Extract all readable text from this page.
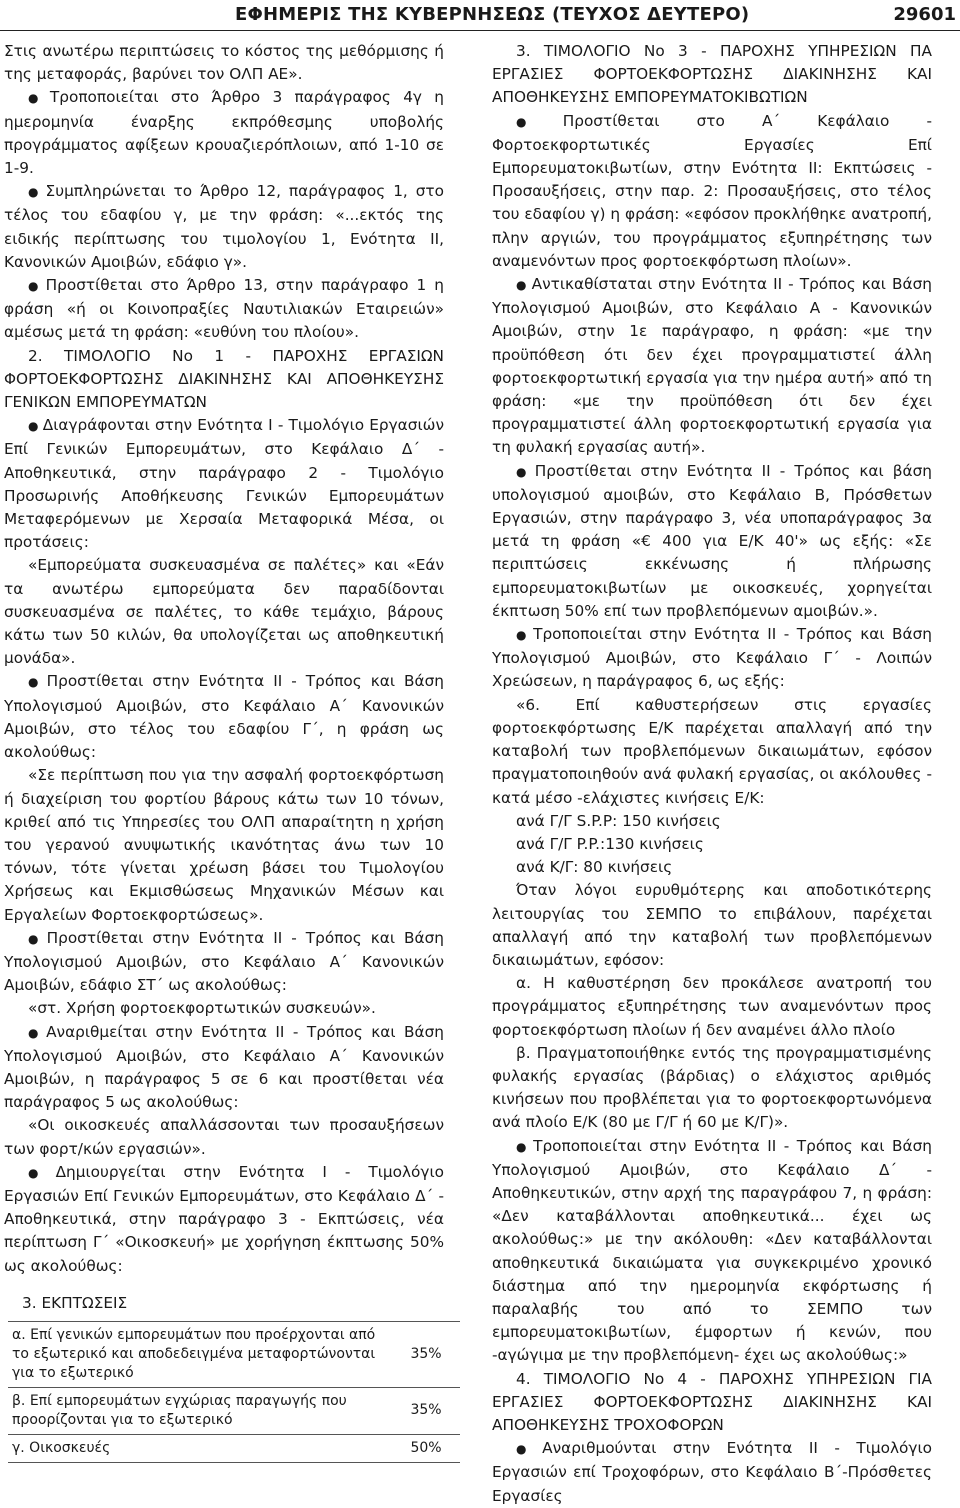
ΕΦΗΜΕΡΙΣ ΤΗΣ ΚΥΒΕΡΝΗΣΕΩΣ (ΤΕΥΧΟΣ ΔΕΥΤΕΡΟ)	29601

Στις ανωτέρω περιπτώσεις το κόστος της μεθόρμισης ή της μεταφοράς, βαρύνει τον ΟΛΠ ΑΕ».

● Τροποποιείται στο Άρθρο 3 παράγραφος 4γ η ημερομηνία έναρξης εκπρόθεσμης υποβολής προγράμματος αφίξεων κρουαζιερόπλοιων, από 1-10 σε 1-9.

● Συμπληρώνεται το Άρθρο 12, παράγραφος 1, στο τέλος του εδαφίου γ, με την φράση: «...εκτός της ειδικής περίπτωσης του τιμολογίου 1, Ενότητα ΙΙ, Κανονικών Αμοιβών, εδάφιο γ».

● Προστίθεται στο Άρθρο 13, στην παράγραφο 1 η φράση «ή οι Κοινοπραξίες Ναυτιλιακών Εταιρειών» αμέσως μετά τη φράση: «ευθύνη του πλοίου».

2. ΤΙΜΟΛΟΓΙΟ Νο 1 - ΠΑΡΟΧΗΣ ΕΡΓΑΣΙΩΝ ΦΟΡΤΟΕΚΦΟΡΤΩΣΗΣ ΔΙΑΚΙΝΗΣΗΣ ΚΑΙ ΑΠΟΘΗΚΕΥΣΗΣ ΓΕΝΙΚΩΝ ΕΜΠΟΡΕΥΜΑΤΩΝ

● Διαγράφονται στην Ενότητα Ι - Τιμολόγιο Εργασιών Επί Γενικών Εμπορευμάτων, στο Κεφάλαιο Δ΄ - Αποθηκευτικά, στην παράγραφο 2 - Τιμολόγιο Προσωρινής Αποθήκευσης Γενικών Εμπορευμάτων Μεταφερόμενων με Χερσαία Μεταφορικά Μέσα, οι προτάσεις:

«Εμπορεύματα συσκευασμένα σε παλέτες» και «Εάν τα ανωτέρω εμπορεύματα δεν παραδίδονται συσκευασμένα σε παλέτες, το κάθε τεμάχιο, βάρους κάτω των 50 κιλών, θα υπολογίζεται ως αποθηκευτική μονάδα».

● Προστίθεται στην Ενότητα ΙΙ - Τρόπος και Βάση Υπολογισμού Αμοιβών, στο Κεφάλαιο Α΄ Κανονικών Αμοιβών, στο τέλος του εδαφίου Γ΄, η φράση ως ακολούθως:

«Σε περίπτωση που για την ασφαλή φορτοεκφόρτωση ή διαχείριση του φορτίου βάρους κάτω των 10 τόνων, κριθεί από τις Υπηρεσίες του ΟΛΠ απαραίτητη η χρήση του γερανού ανυψωτικής ικανότητας άνω των 10 τόνων, τότε γίνεται χρέωση βάσει του Τιμολογίου Χρήσεως και Εκμισθώσεως Μηχανικών Μέσων και Εργαλείων Φορτοεκφορτώσεως».

● Προστίθεται στην Ενότητα ΙΙ - Τρόπος και Βάση Υπολογισμού Αμοιβών, στο Κεφάλαιο Α΄ Κανονικών Αμοιβών, εδάφιο ΣΤ΄ ως ακολούθως:

«στ. Χρήση φορτοεκφορτωτικών συσκευών».

● Αναριθμείται στην Ενότητα ΙΙ - Τρόπος και Βάση Υπολογισμού Αμοιβών, στο Κεφάλαιο Α΄ Κανονικών Αμοιβών, η παράγραφος 5 σε 6 και προστίθεται νέα παράγραφος 5 ως ακολούθως:

«Οι οικοσκευές απαλλάσσονται των προσαυξήσεων των φορτ/κών εργασιών».

● Δημιουργείται στην Ενότητα Ι - Τιμολόγιο Εργασιών Επί Γενικών Εμπορευμάτων, στο Κεφάλαιο Δ΄ - Αποθηκευτικά, στην παράγραφο 3 - Εκπτώσεις, νέα περίπτωση Γ΄ «Οικοσκευή» με χορήγηση έκπτωσης 50% ως ακολούθως:

3. ΕΚΠΤΩΣΕΙΣ

α. Επί γενικών εμπορευμάτων που προέρχονται από το εξωτερικό και αποδεδειγμένα μεταφορτώνονται για το εξωτερικό	35%
β. Επί εμπορευμάτων εγχώριας παραγωγής που προορίζονται για το εξωτερικό	35%
γ. Οικοσκευές	50%

3. ΤΙΜΟΛΟΓΙΟ Νο 3 - ΠΑΡΟΧΗΣ ΥΠΗΡΕΣΙΩΝ ΠΑ ΕΡΓΑΣΙΕΣ ΦΟΡΤΟΕΚΦΟΡΤΩΣΗΣ ΔΙΑΚΙΝΗΣΗΣ ΚΑΙ ΑΠΟΘΗΚΕΥΣΗΣ ΕΜΠΟΡΕΥΜΑΤΟΚΙΒΩΤΙΩΝ

● Προστίθεται στο Α΄ Κεφάλαιο - Φορτοεκφορτωτικές Εργασίες Επί Εμπορευματοκιβωτίων, στην Ενότητα ΙΙ: Εκπτώσεις - Προσαυξήσεις, στην παρ. 2: Προσαυξήσεις, στο τέλος του εδαφίου γ) η φράση: «εφόσον προκλήθηκε ανατροπή, πλην αργιών, του προγράμματος εξυπηρέτησης των αναμενόντων προς φορτοεκφόρτωση πλοίων».

● Αντικαθίσταται στην Ενότητα ΙΙ - Τρόπος και Βάση Υπολογισμού Αμοιβών, στο Κεφάλαιο Α - Κανονικών Αμοιβών, στην 1ε παράγραφο, η φράση: «με την προϋπόθεση ότι δεν έχει προγραμματιστεί άλλη φορτοεκφορτωτική εργασία για την ημέρα αυτή» από τη φράση: «με την προϋπόθεση ότι δεν έχει προγραμματιστεί άλλη φορτοεκφορτωτική εργασία για τη φυλακή εργασίας αυτή».

● Προστίθεται στην Ενότητα ΙΙ - Τρόπος και βάση υπολογισμού αμοιβών, στο Κεφάλαιο Β, Πρόσθετων Εργασιών, στην παράγραφο 3, νέα υποπαράγραφος 3α μετά τη φράση «€ 400 για Ε/Κ 40'» ως εξής: «Σε περιπτώσεις εκκένωσης ή πλήρωσης εμπορευματοκιβωτίων με οικοσκευές, χορηγείται έκπτωση 50% επί των προβλεπόμενων αμοιβών.».

● Τροποποιείται στην Ενότητα ΙΙ - Τρόπος και Βάση Υπολογισμού Αμοιβών, στο Κεφάλαιο Γ΄ - Λοιπών Χρεώσεων, η παράγραφος 6, ως εξής:

«6. Επί καθυστερήσεων στις εργασίες φορτοεκφόρτωσης Ε/Κ παρέχεται απαλλαγή από την καταβολή των προβλεπόμενων δικαιωμάτων, εφόσον πραγματοποιηθούν ανά φυλακή εργασίας, οι ακόλουθες - κατά μέσο -ελάχιστες κινήσεις Ε/Κ:

ανά Γ/Γ S.P.P: 150 κινήσεις

ανά Γ/Γ P.P.:130 κινήσεις

ανά Κ/Γ: 80 κινήσεις

Όταν λόγοι ευρυθμότερης και αποδοτικότερης λειτουργίας του ΣΕΜΠΟ το επιβάλουν, παρέχεται απαλλαγή από την καταβολή των προβλεπόμενων δικαιωμάτων, εφόσον:

α. Η καθυστέρηση δεν προκάλεσε ανατροπή του προγράμματος εξυπηρέτησης των αναμενόντων προς φορτοεκφόρτωση πλοίων ή δεν αναμένει άλλο πλοίο

β. Πραγματοποιήθηκε εντός της προγραμματισμένης φυλακής εργασίας (βάρδιας) ο ελάχιστος αριθμός κινήσεων που προβλέπεται για το φορτοεκφορτωνόμενα ανά πλοίο Ε/Κ (80 με Γ/Γ ή 60 με Κ/Γ)».

● Τροποποιείται στην Ενότητα ΙΙ - Τρόπος και Βάση Υπολογισμού Αμοιβών, στο Κεφάλαιο Δ΄ - Αποθηκευτικών, στην αρχή της παραγράφου 7, η φράση: «Δεν καταβάλλονται αποθηκευτικά... έχει ως ακολούθως:» με την ακόλουθη: «Δεν καταβάλλονται αποθηκευτικά δικαιώματα για συγκεκριμένο χρονικό διάστημα από την ημερομηνία εκφόρτωσης ή παραλαβής του από το ΣΕΜΠΟ των εμπορευματοκιβωτίων, έμφορτων ή κενών, που -αγώγιμα με την προβλεπόμενη- έχει ως ακολούθως:»

4. ΤΙΜΟΛΟΓΙΟ Νο 4 - ΠΑΡΟΧΗΣ ΥΠΗΡΕΣΙΩΝ ΓΙΑ ΕΡΓΑΣΙΕΣ ΦΟΡΤΟΕΚΦΟΡΤΩΣΗΣ ΔΙΑΚΙΝΗΣΗΣ ΚΑΙ ΑΠΟΘΗΚΕΥΣΗΣ ΤΡΟΧΟΦΟΡΩΝ

● Αναριθμούνται στην Ενότητα ΙΙ - Τιμολόγιο Εργασιών επί Τροχοφόρων, στο Κεφάλαιο Β΄-Πρόσθετες Εργασίες
